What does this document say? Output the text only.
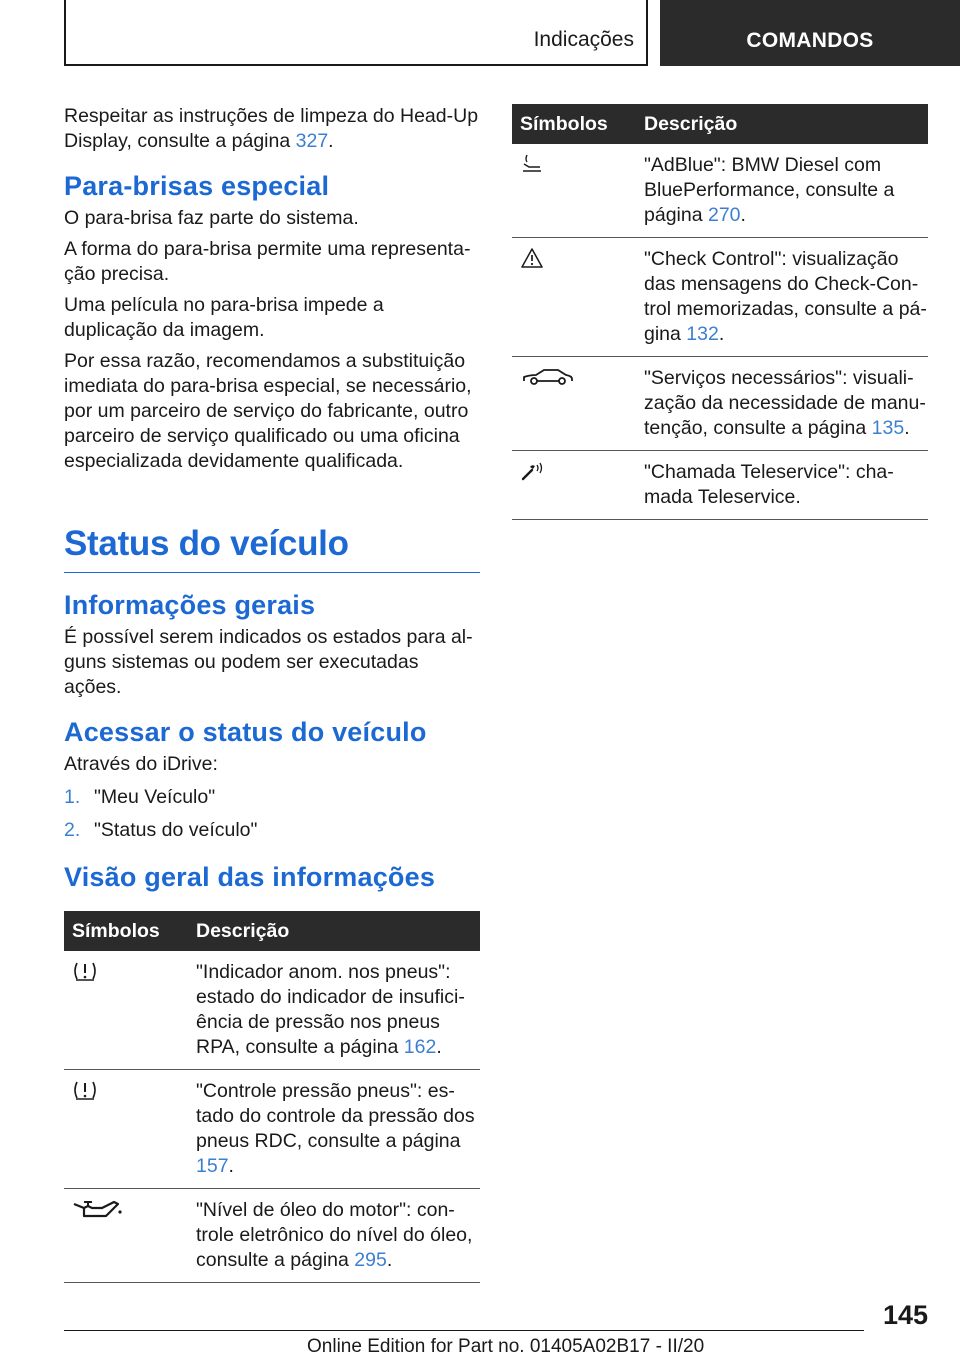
Indicações	COMANDOS

Respeitar as instruções de limpeza do Head-Up Display, consulte a página 327.

Para-brisas especial

O para-brisa faz parte do sistema.

A forma do para-brisa permite uma representa‐ção precisa.

Uma película no para-brisa impede a duplicação da imagem.

Por essa razão, recomendamos a substituição imediata do para-brisa especial, se necessário, por um parceiro de serviço do fabricante, outro parceiro de serviço qualificado ou uma oficina especializada devidamente qualificada.

Status do veículo
Informações gerais

É possível serem indicados os estados para al‐guns sistemas ou podem ser executadas ações.

Acessar o status do veículo

Através do iDrive:

1. "Meu Veículo"
2. "Status do veículo"
Visão geral das informações
Símbolos	Descrição
	"Indicador anom. nos pneus": estado do indicador de insufici‐ência de pressão nos pneus RPA, consulte a página 162.
	"Controle pressão pneus": es‐tado do controle da pressão dos pneus RDC, consulte a página 157.
	"Nível de óleo do motor": con‐trole eletrônico do nível do óleo, consulte a página 295.
Símbolos	Descrição
	"AdBlue": BMW Diesel com BluePerformance, consulte a página 270.
	"Check Control": visualização das mensagens do Check-Con‐trol memorizadas, consulte a pá‐gina 132.
	"Serviços necessários": visuali‐zação da necessidade de manu‐tenção, consulte a página 135.
	"Chamada Teleservice": cha‐mada Teleservice.
145
Online Edition for Part no. 01405A02B17 - II/20
